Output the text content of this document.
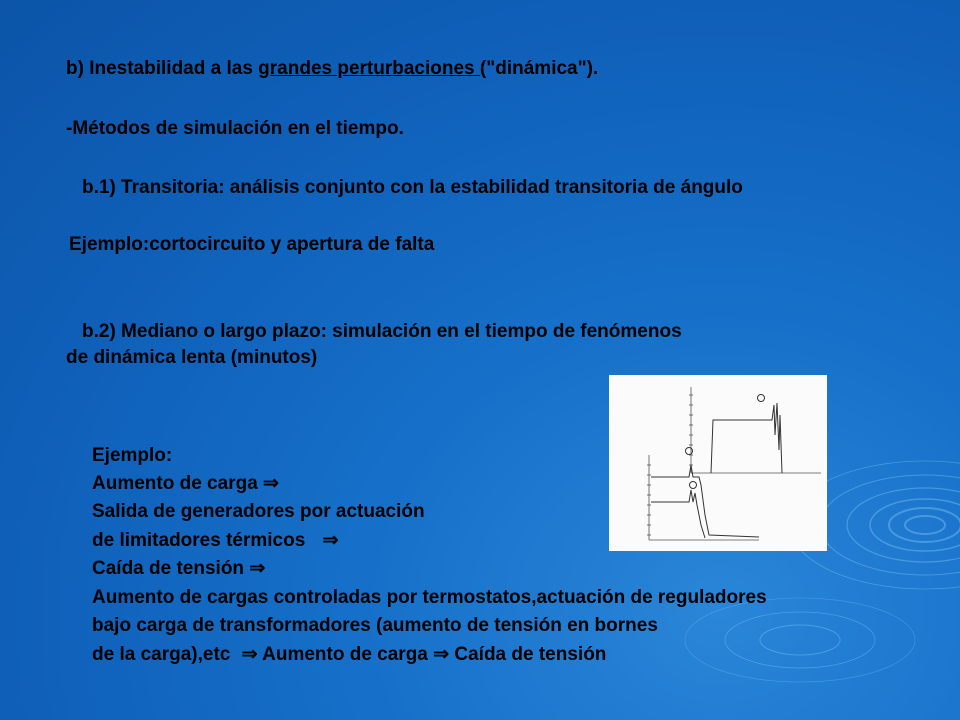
b) Inestabilidad a las grandes perturbaciones ("dinámica").
-Métodos de simulación en el tiempo.
b.1) Transitoria: análisis conjunto con la estabilidad transitoria de ángulo
Ejemplo:cortocircuito y apertura de falta
b.2) Mediano o largo plazo: simulación en el tiempo de fenómenos
de dinámica lenta (minutos)
Ejemplo:
Aumento de carga ⇒
Salida de generadores por actuación
de limitadores térmicos ⇒
Caída de tensión ⇒
Aumento de cargas controladas por termostatos,actuación de reguladores
bajo carga de transformadores (aumento de tensión en bornes
de la carga),etc ⇒ Aumento de carga ⇒ Caída de tensión
